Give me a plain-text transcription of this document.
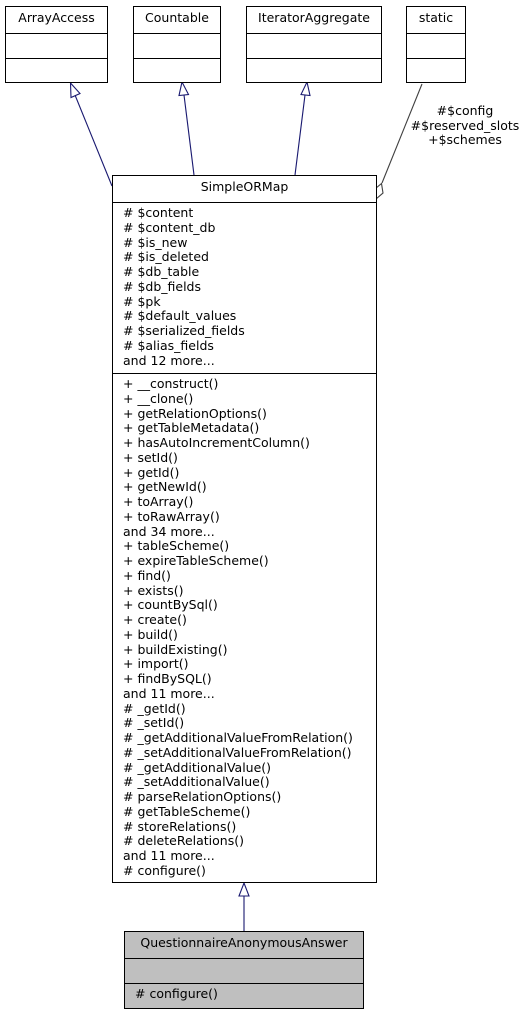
ArrayAccess	Countable	IteratorAggregate	static
#$config
#$reserved_slots
+$schemes
SimpleORMap
# $content
# $content_db
# $is_new
# $is_deleted
# $db_table
# $db_fields
# $pk
# $default_values
# $serialized_fields
# $alias_fields
and 12 more...
+ __construct()
+ __clone()
+ getRelationOptions()
+ getTableMetadata()
+ hasAutoIncrementColumn()
+ setId()
+ getId()
+ getNewId()
+ toArray()
+ toRawArray()
and 34 more...
+ tableScheme()
+ expireTableScheme()
+ find()
+ exists()
+ countBySql()
+ create()
+ build()
+ buildExisting()
+ import()
+ findBySQL()
and 11 more...
# _getId()
# _setId()
# _getAdditionalValueFromRelation()
# _setAdditionalValueFromRelation()
# _getAdditionalValue()
# _setAdditionalValue()
# parseRelationOptions()
# getTableScheme()
# storeRelations()
# deleteRelations()
and 11 more...
# configure()
QuestionnaireAnonymousAnswer
# configure()
